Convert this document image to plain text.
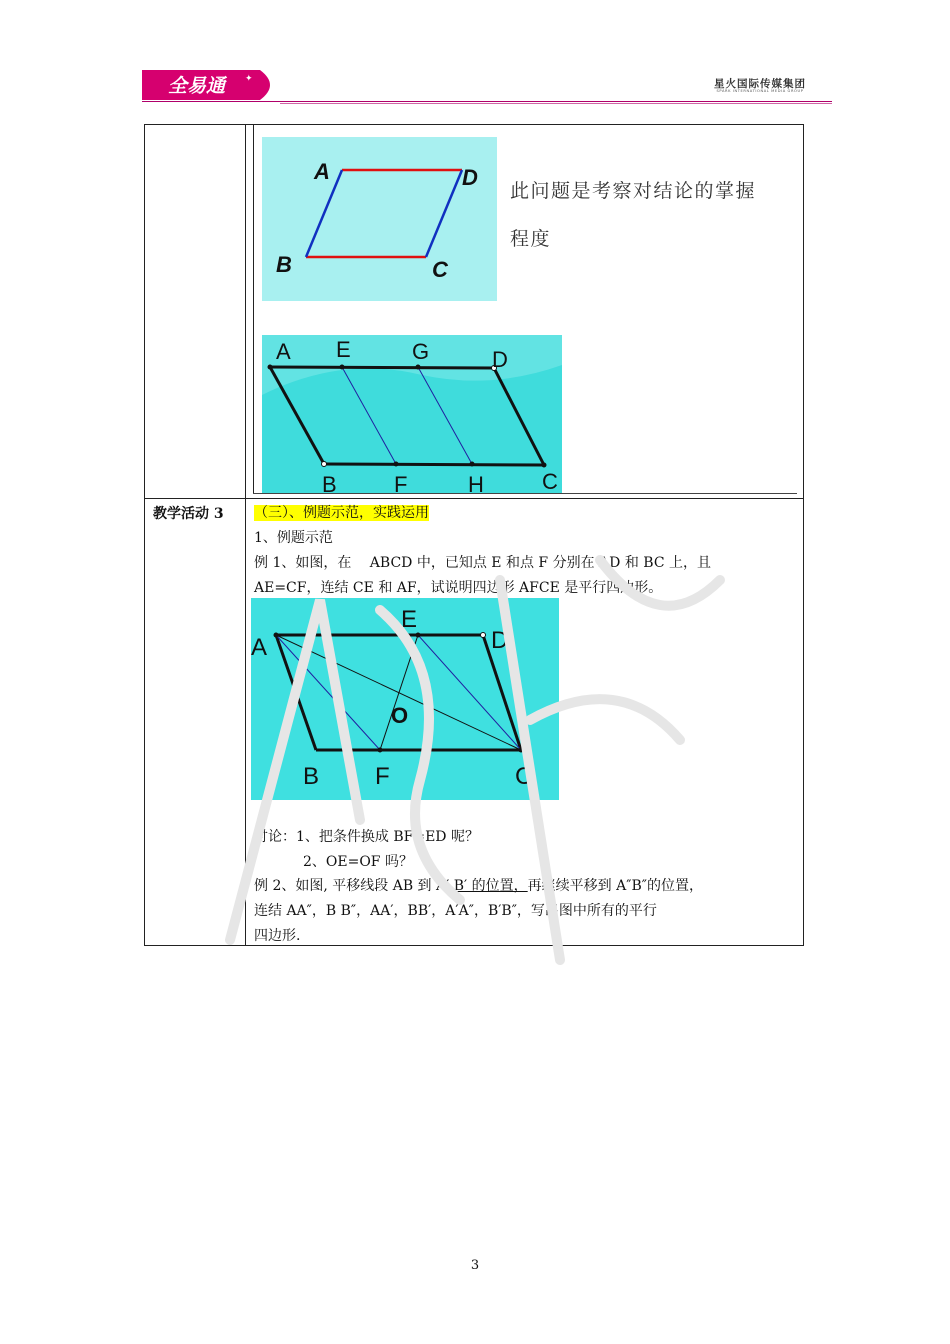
全易通	✦	星火国际传媒集团
SPARK INTERNATIONAL MEDIA GROUP
A	D
B	C
此问题是考察对结论的掌握
程度
A E	G	D
B	F	H	C
教学活动 3 （三）、例题示范，实践运用
1、例题示范
例 1、如图，在　 ABCD 中，已知点 E 和点 F 分别在 AD 和 BC 上，且
AE=CF，连结 CE 和 AF，试说明四边形 AFCE 是平行四边形。
A
E
D
O
B F	C
讨论：1、把条件换成 BF=ED 呢？
2、OE=OF 吗？
例 2、如图, 平移线段 AB 到 A′ B′ 的位置，再继续平移到 A″B″的位置，
连结 AA″，B B″，AA′，BB′，A′A″，B′B″，写出图中所有的平行
四边形.
3
